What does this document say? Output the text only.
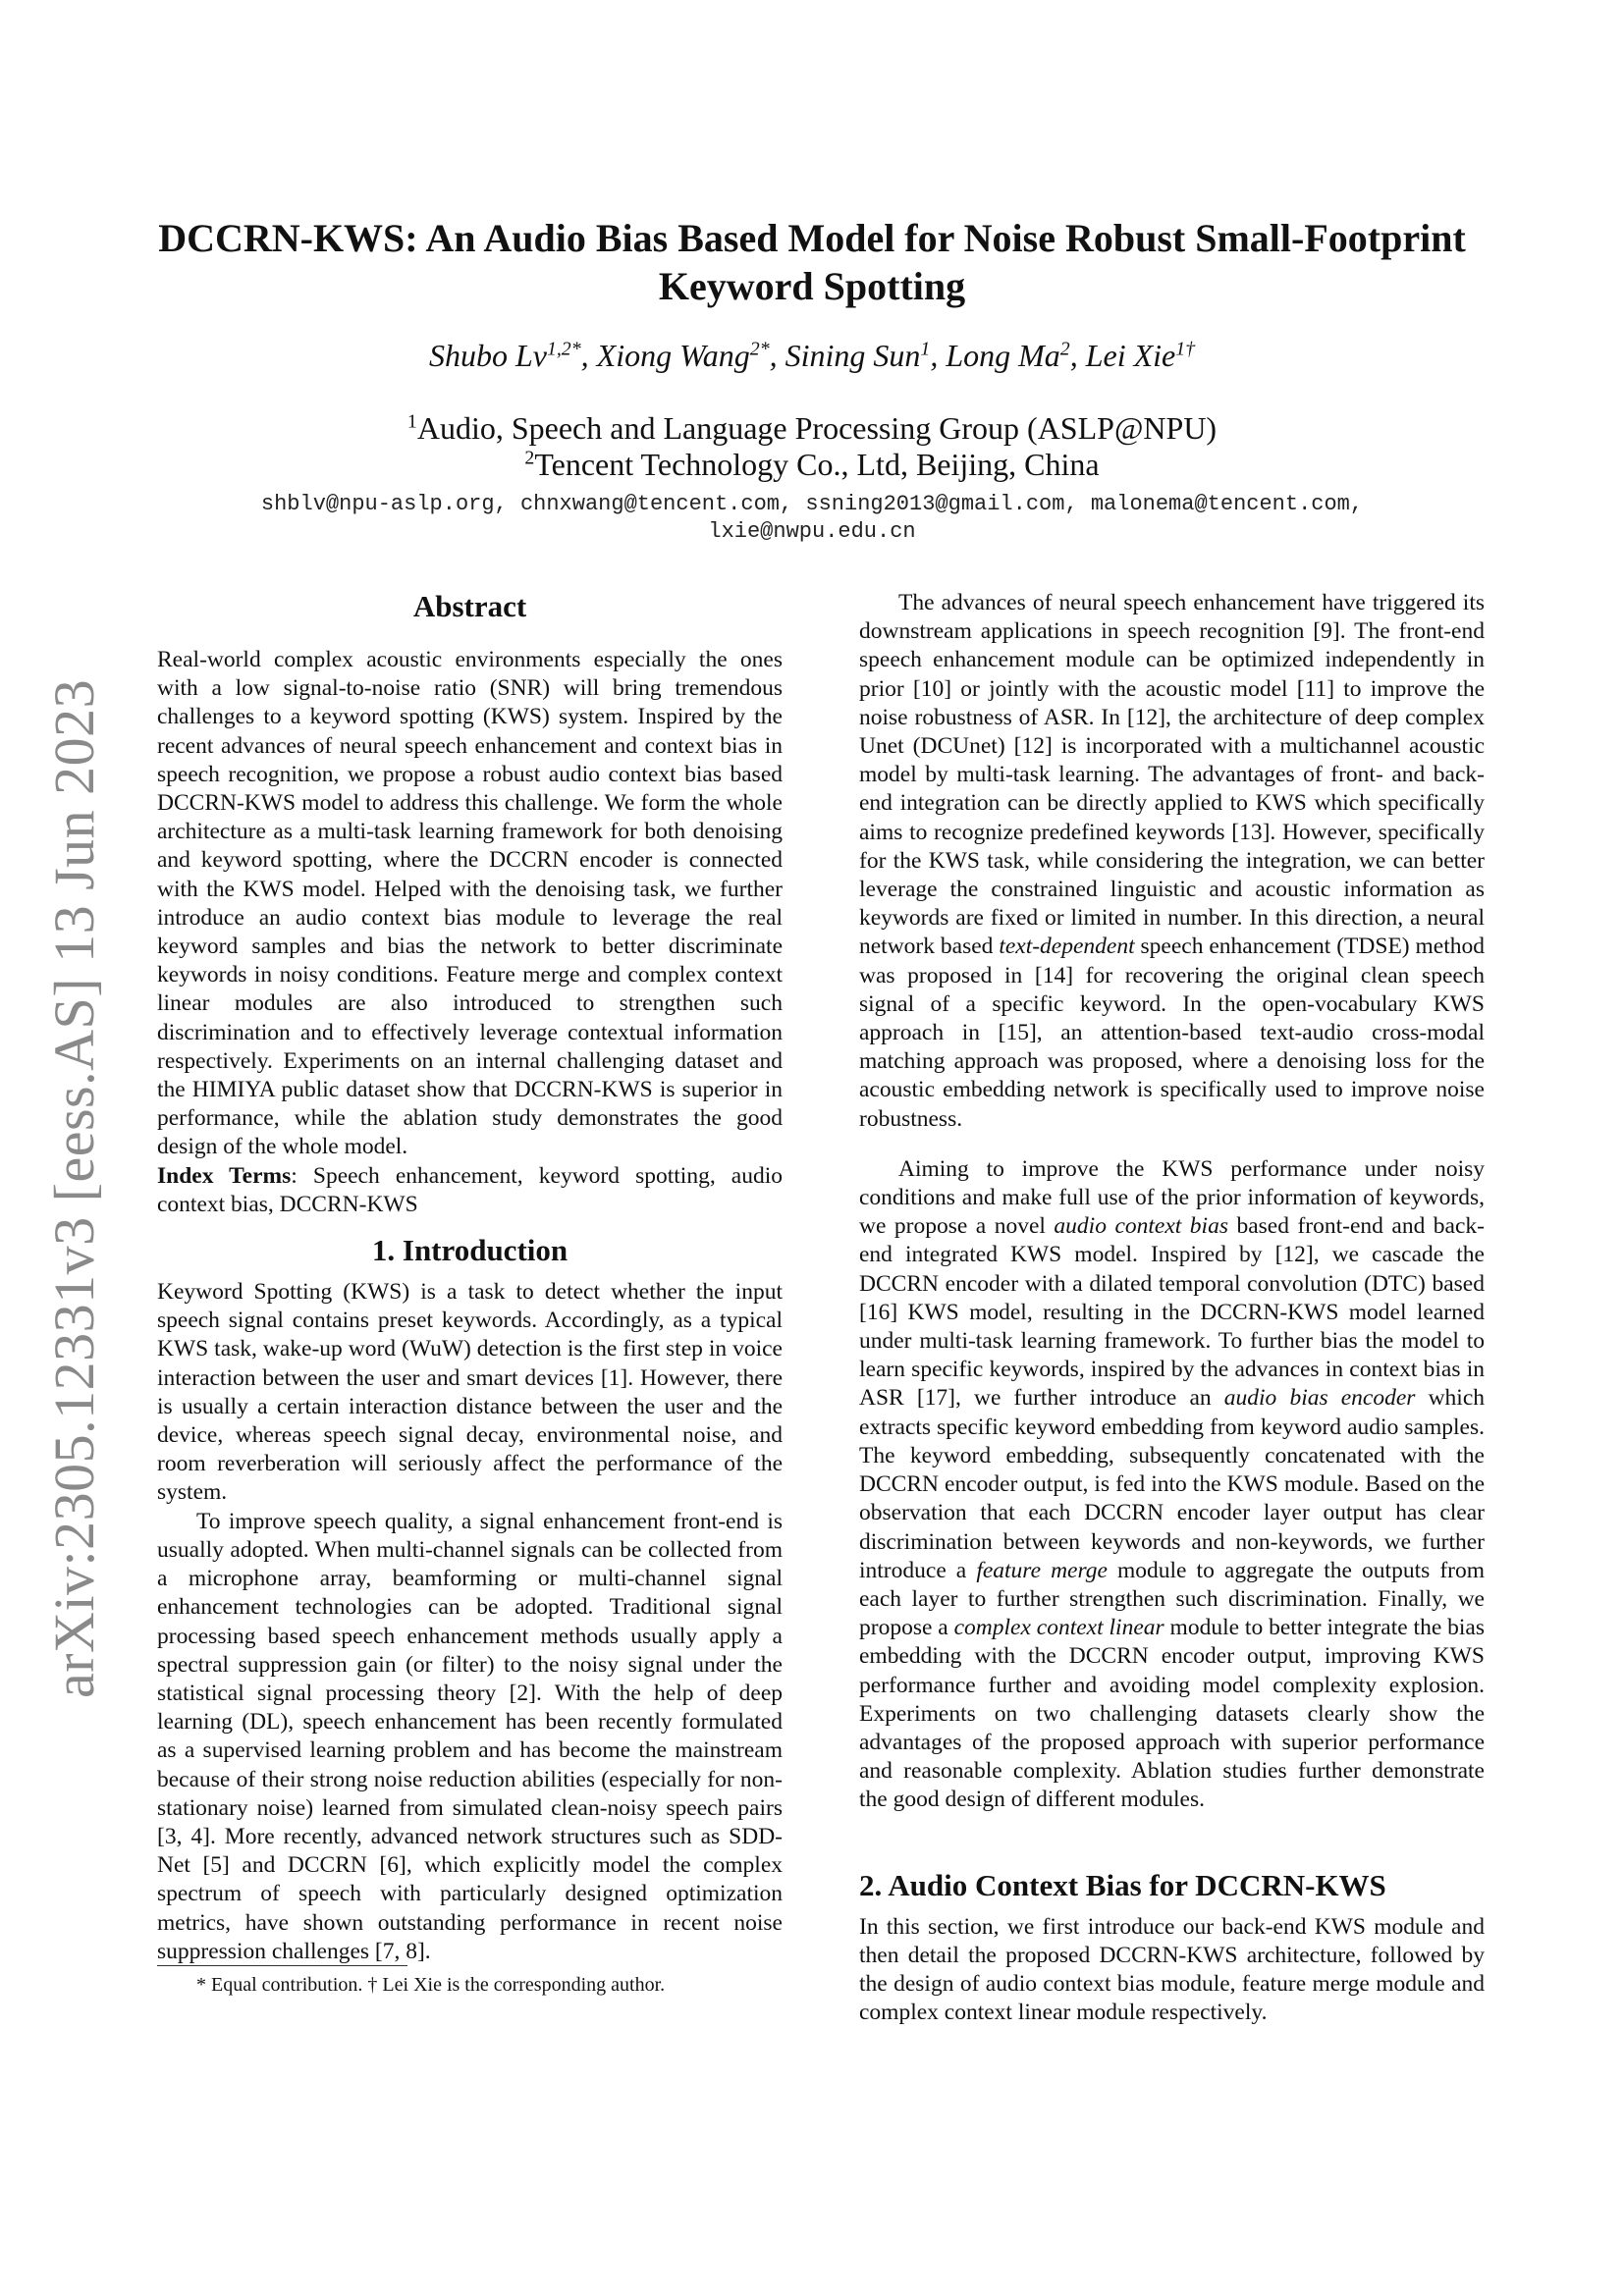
arXiv:2305.12331v3 [eess.AS] 13 Jun 2023
DCCRN-KWS: An Audio Bias Based Model for Noise Robust Small-Footprint Keyword Spotting
Shubo $Lv^{1,2*}$, Xiong Wang$^{2*}$, Sining Sun$^1$, Long Ma$^2$, Lei Xie$^{1\dagger}$
$^1$Audio, Speech and Language Processing Group (ASLP@NPU)
$^2$Tencent Technology Co., Ltd, Beijing, China
shblv@npu-aslp.org, chnxwang@tencent.com, ssning2013@gmail.com, malonema@tencent.com,
lxie@nwpu.edu.cn
Abstract

Real-world complex acoustic environments especially the ones with a low signal-to-noise ratio (SNR) will bring tremendous challenges to a keyword spotting (KWS) system. Inspired by the recent advances of neural speech enhancement and context bias in speech recognition, we propose a robust audio context bias based DCCRN-KWS model to address this challenge. We form the whole architecture as a multi-task learning framework for both denoising and keyword spotting, where the DCCRN encoder is connected with the KWS model. Helped with the denoising task, we further introduce an audio context bias module to leverage the real keyword samples and bias the network to better discriminate keywords in noisy conditions. Feature merge and complex context linear modules are also introduced to strengthen such discrimination and to effectively leverage contextual information respectively. Experiments on an internal challenging dataset and the HIMIYA public dataset show that DCCRN-KWS is superior in performance, while the ablation study demonstrates the good design of the whole model.

Index Terms: Speech enhancement, keyword spotting, audio context bias, DCCRN-KWS

1. Introduction

Keyword Spotting (KWS) is a task to detect whether the input speech signal contains preset keywords. Accordingly, as a typical KWS task, wake-up word (WuW) detection is the first step in voice interaction between the user and smart devices [1]. However, there is usually a certain interaction distance between the user and the device, whereas speech signal decay, environmental noise, and room reverberation will seriously affect the performance of the system.

To improve speech quality, a signal enhancement front-end is usually adopted. When multi-channel signals can be collected from a microphone array, beamforming or multi-channel signal enhancement technologies can be adopted. Traditional signal processing based speech enhancement methods usually apply a spectral suppression gain (or filter) to the noisy signal under the statistical signal processing theory [2]. With the help of deep learning (DL), speech enhancement has been recently formulated as a supervised learning problem and has become the mainstream because of their strong noise reduction abilities (especially for non-stationary noise) learned from simulated clean-noisy speech pairs [3, 4]. More recently, advanced network structures such as SDD-Net [5] and DCCRN [6], which explicitly model the complex spectrum of speech with particularly designed optimization metrics, have shown outstanding performance in recent noise suppression challenges [7, 8].

The advances of neural speech enhancement have triggered its downstream applications in speech recognition [9]. The front-end speech enhancement module can be optimized independently in prior [10] or jointly with the acoustic model [11] to improve the noise robustness of ASR. In [12], the architecture of deep complex Unet (DCUnet) [12] is incorporated with a multichannel acoustic model by multi-task learning. The advantages of front- and back-end integration can be directly applied to KWS which specifically aims to recognize predefined keywords [13]. However, specifically for the KWS task, while considering the integration, we can better leverage the constrained linguistic and acoustic information as keywords are fixed or limited in number. In this direction, a neural network based text-dependent speech enhancement (TDSE) method was proposed in [14] for recovering the original clean speech signal of a specific keyword. In the open-vocabulary KWS approach in [15], an attention-based text-audio cross-modal matching approach was proposed, where a denoising loss for the acoustic embedding network is specifically used to improve noise robustness.

Aiming to improve the KWS performance under noisy conditions and make full use of the prior information of keywords, we propose a novel audio context bias based front-end and back-end integrated KWS model. Inspired by [12], we cascade the DCCRN encoder with a dilated temporal convolution (DTC) based [16] KWS model, resulting in the DCCRN-KWS model learned under multi-task learning framework. To further bias the model to learn specific keywords, inspired by the advances in context bias in ASR [17], we further introduce an audio bias encoder which extracts specific keyword embedding from keyword audio samples. The keyword embedding, subsequently concatenated with the DCCRN encoder output, is fed into the KWS module. Based on the observation that each DCCRN encoder layer output has clear discrimination between keywords and non-keywords, we further introduce a feature merge module to aggregate the outputs from each layer to further strengthen such discrimination. Finally, we propose a complex context linear module to better integrate the bias embedding with the DCCRN encoder output, improving KWS performance further and avoiding model complexity explosion. Experiments on two challenging datasets clearly show the advantages of the proposed approach with superior performance and reasonable complexity. Ablation studies further demonstrate the good design of different modules.

2. Audio Context Bias for DCCRN-KWS

In this section, we first introduce our back-end KWS module and then detail the proposed DCCRN-KWS architecture, followed by the design of audio context bias module, feature merge module and complex context linear module respectively.

* Equal contribution. † Lei Xie is the corresponding author.
